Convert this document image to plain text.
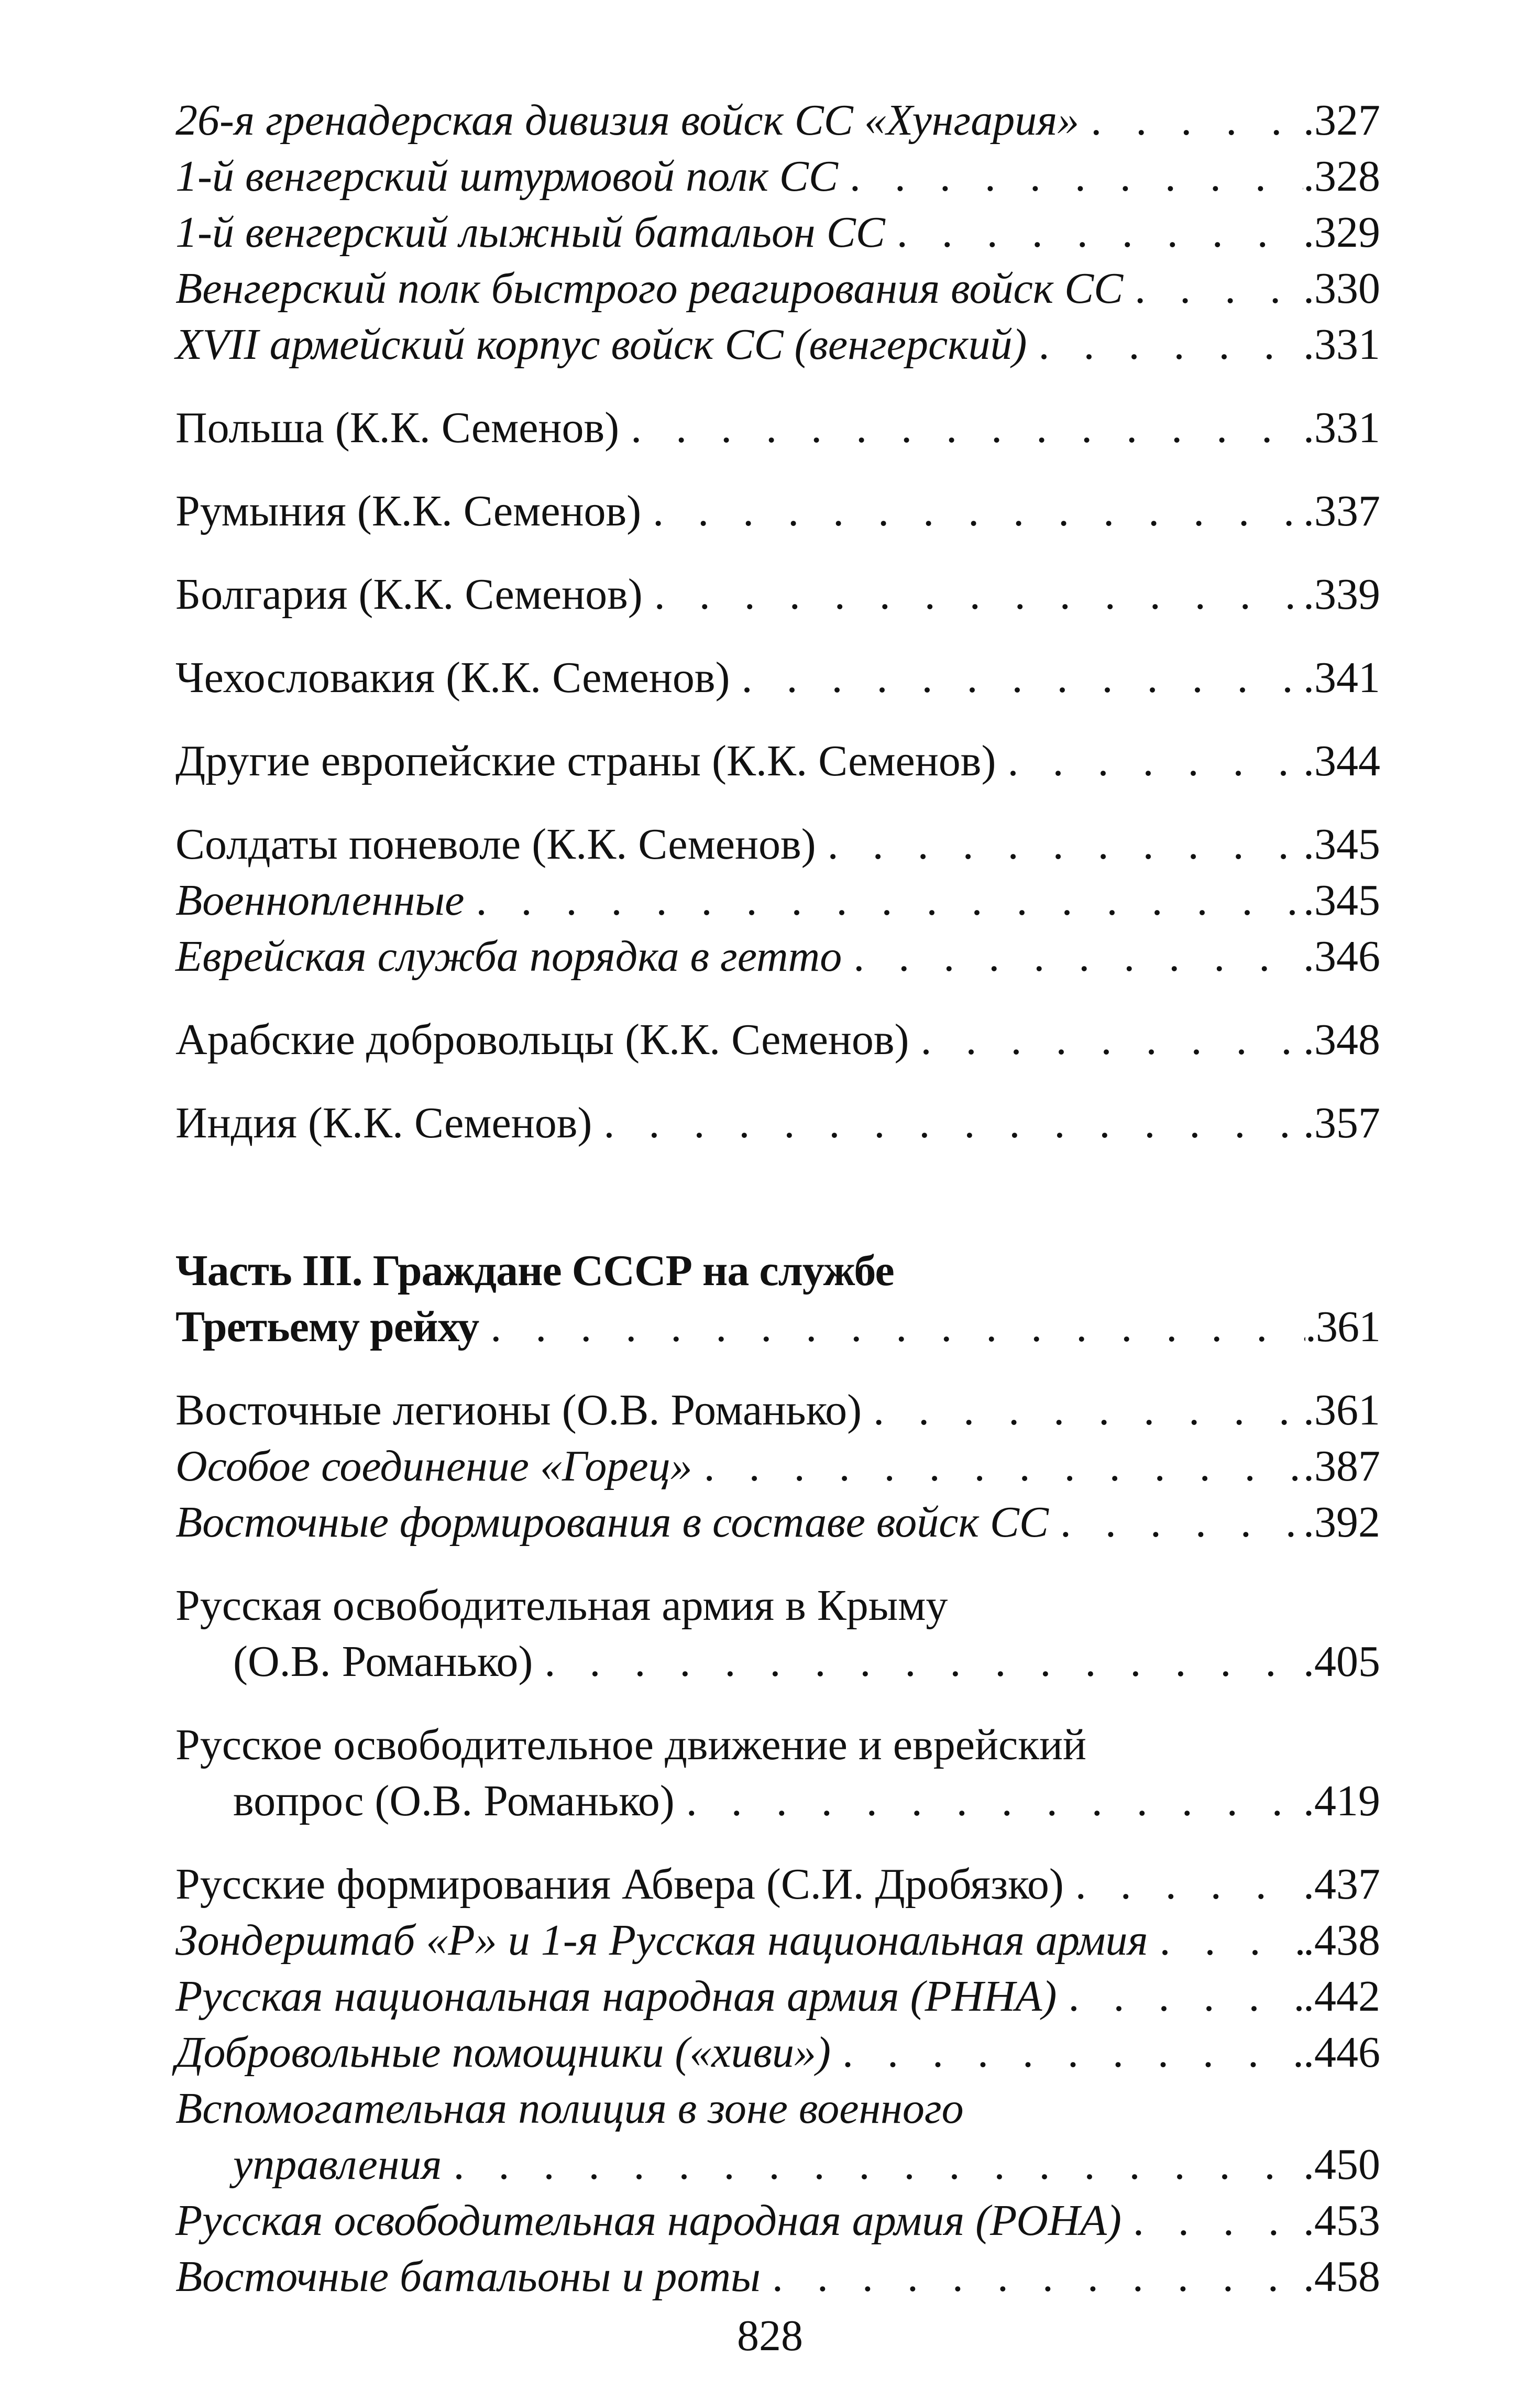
26-я гренадерская дивизия войск СС «Хунгария» . . .	.327
1-й венгерский штурмовой полк СС . . .	.328
1-й венгерский лыжный батальон СС . . .	.329
Венгерский полк быстрого реагирования войск СС . . .	.330
XVII армейский корпус войск СС (венгерский) . . .	.331
Польша (К.К. Семенов) . . .	.331
Румыния (К.К. Семенов) . . .	.337
Болгария (К.К. Семенов) . . .	.339
Чехословакия (К.К. Семенов) . . .	.341
Другие европейские страны (К.К. Семенов) . . .	.344
Солдаты поневоле (К.К. Семенов) . . .	.345
Военнопленные . . .	.345
Еврейская служба порядка в гетто . . .	.346
Арабские добровольцы (К.К. Семенов) . . .	.348
Индия (К.К. Семенов) . . .	.357
Часть III. Граждане СССР на службе
Третьему рейху . . .	.361
Восточные легионы (О.В. Романько) . . .	.361
Особое соединение «Горец» . . .	.387
Восточные формирования в составе войск СС . . .	.392
Русская освободительная армия в Крыму
(О.В. Романько) . . .	.405
Русское освободительное движение и еврейский
вопрос (О.В. Романько) . . .	.419
Русские формирования Абвера (С.И. Дробязко) . . .	.437
Зондерштаб «Р» и 1-я Русская национальная армия . . .	.438
Русская национальная народная армия (РННА) . . .	.442
Добровольные помощники («хиви») . . .	.446
Вспомогательная полиция в зоне военного
управления . . .	.450
Русская освободительная народная армия (РОНА) . . .	.453
Восточные батальоны и роты . . .	.458
828
